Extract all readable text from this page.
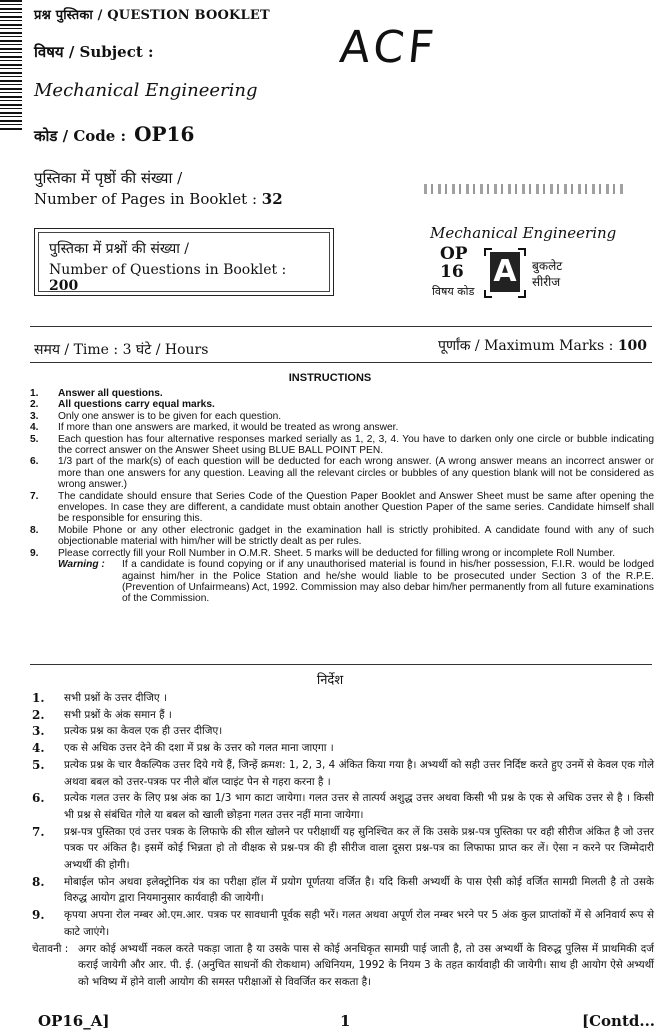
प्रश्न पुस्तिका / QUESTION BOOKLET
ACF
विषय / Subject :
Mechanical Engineering
कोड / Code : OP16
पुस्तिका में पृष्ठों की संख्या /
Number of Pages in Booklet : 32
पुस्तिका में प्रश्नों की संख्या /
Number of Questions in Booklet : 200
Mechanical Engineering
OP
16
विषय कोड
A बुकलेट
सीरीज
समय / Time : 3 घंटे / Hours	पूर्णांक / Maximum Marks : 100
INSTRUCTIONS
1.	Answer all questions.
2.	All questions carry equal marks.
3.	Only one answer is to be given for each question.
4.	If more than one answers are marked, it would be treated as wrong answer.
5.	Each question has four alternative responses marked serially as 1, 2, 3, 4. You have to darken only one circle or bubble indicating the correct answer on the Answer Sheet using BLUE BALL POINT PEN.
6.	1/3 part of the mark(s) of each question will be deducted for each wrong answer. (A wrong answer means an incorrect answer or more than one answers for any question. Leaving all the relevant circles or bubbles of any question blank will not be considered as wrong answer.)
7.	The candidate should ensure that Series Code of the Question Paper Booklet and Answer Sheet must be same after opening the envelopes. In case they are different, a candidate must obtain another Question Paper of the same series. Candidate himself shall be responsible for ensuring this.
8.	Mobile Phone or any other electronic gadget in the examination hall is strictly prohibited. A candidate found with any of such objectionable material with him/her will be strictly dealt as per rules.
9.	Please correctly fill your Roll Number in O.M.R. Sheet. 5 marks will be deducted for filling wrong or incomplete Roll Number.
Warning :	If a candidate is found copying or if any unauthorised material is found in his/her possession, F.I.R. would be lodged against him/her in the Police Station and he/she would liable to be prosecuted under Section 3 of the R.P.E. (Prevention of Unfairmeans) Act, 1992. Commission may also debar him/her permanently from all future examinations of the Commission.
निर्देश
1.	सभी प्रश्नों के उत्तर दीजिए ।
2.	सभी प्रश्नों के अंक समान हैं ।
3.	प्रत्येक प्रश्न का केवल एक ही उत्तर दीजिए।
4.	एक से अधिक उत्तर देने की दशा में प्रश्न के उत्तर को गलत माना जाएगा ।
5.	प्रत्येक प्रश्न के चार वैकल्पिक उत्तर दिये गये हैं, जिन्हें क्रमश: 1, 2, 3, 4 अंकित किया गया है। अभ्यर्थी को सही उत्तर निर्दिष्ट करते हुए उनमें से केवल एक गोले अथवा बबल को उत्तर-पत्रक पर नीले बॉल प्वाइंट पेन से गहरा करना है ।
6.	प्रत्येक गलत उत्तर के लिए प्रश्न अंक का 1/3 भाग काटा जायेगा। गलत उत्तर से तात्पर्य अशुद्ध उत्तर अथवा किसी भी प्रश्न के एक से अधिक उत्तर से है । किसी भी प्रश्न से संबंधित गोले या बबल को खाली छोड़ना गलत उत्तर नहीं माना जायेगा।
7.	प्रश्न-पत्र पुस्तिका एवं उत्तर पत्रक के लिफाफे की सील खोलने पर परीक्षार्थी यह सुनिश्चित कर लें कि उसके प्रश्न-पत्र पुस्तिका पर वही सीरीज अंकित है जो उत्तर पत्रक पर अंकित है। इसमें कोई भिन्नता हो तो वीक्षक से प्रश्न-पत्र की ही सीरीज वाला दूसरा प्रश्न-पत्र का लिफाफा प्राप्त कर लें। ऐसा न करने पर जिम्मेदारी अभ्यर्थी की होगी।
8.	मोबाईल फोन अथवा इलेक्ट्रोनिक यंत्र का परीक्षा हॉल में प्रयोग पूर्णतया वर्जित है। यदि किसी अभ्यर्थी के पास ऐसी कोई वर्जित सामग्री मिलती है तो उसके विरुद्ध आयोग द्वारा नियमानुसार कार्यवाही की जायेगी।
9.	कृपया अपना रोल नम्बर ओ.एम.आर. पत्रक पर सावधानी पूर्वक सही भरें। गलत अथवा अपूर्ण रोल नम्बर भरने पर 5 अंक कुल प्राप्तांकों में से अनिवार्य रूप से काटे जाएंगे।
चेतावनी : अगर कोई अभ्यर्थी नकल करते पकड़ा जाता है या उसके पास से कोई अनधिकृत सामग्री पाई जाती है, तो उस अभ्यर्थी के विरुद्ध पुलिस में प्राथमिकी दर्ज कराई जायेगी और आर. पी. ई. (अनुचित साधनों की रोकथाम) अधिनियम, 1992 के नियम 3 के तहत कार्यवाही की जायेगी। साथ ही आयोग ऐसे अभ्यर्थी को भविष्य में होने वाली आयोग की समस्त परीक्षाओं से विवर्जित कर सकता है।
OP16_A]	1	[Contd...
